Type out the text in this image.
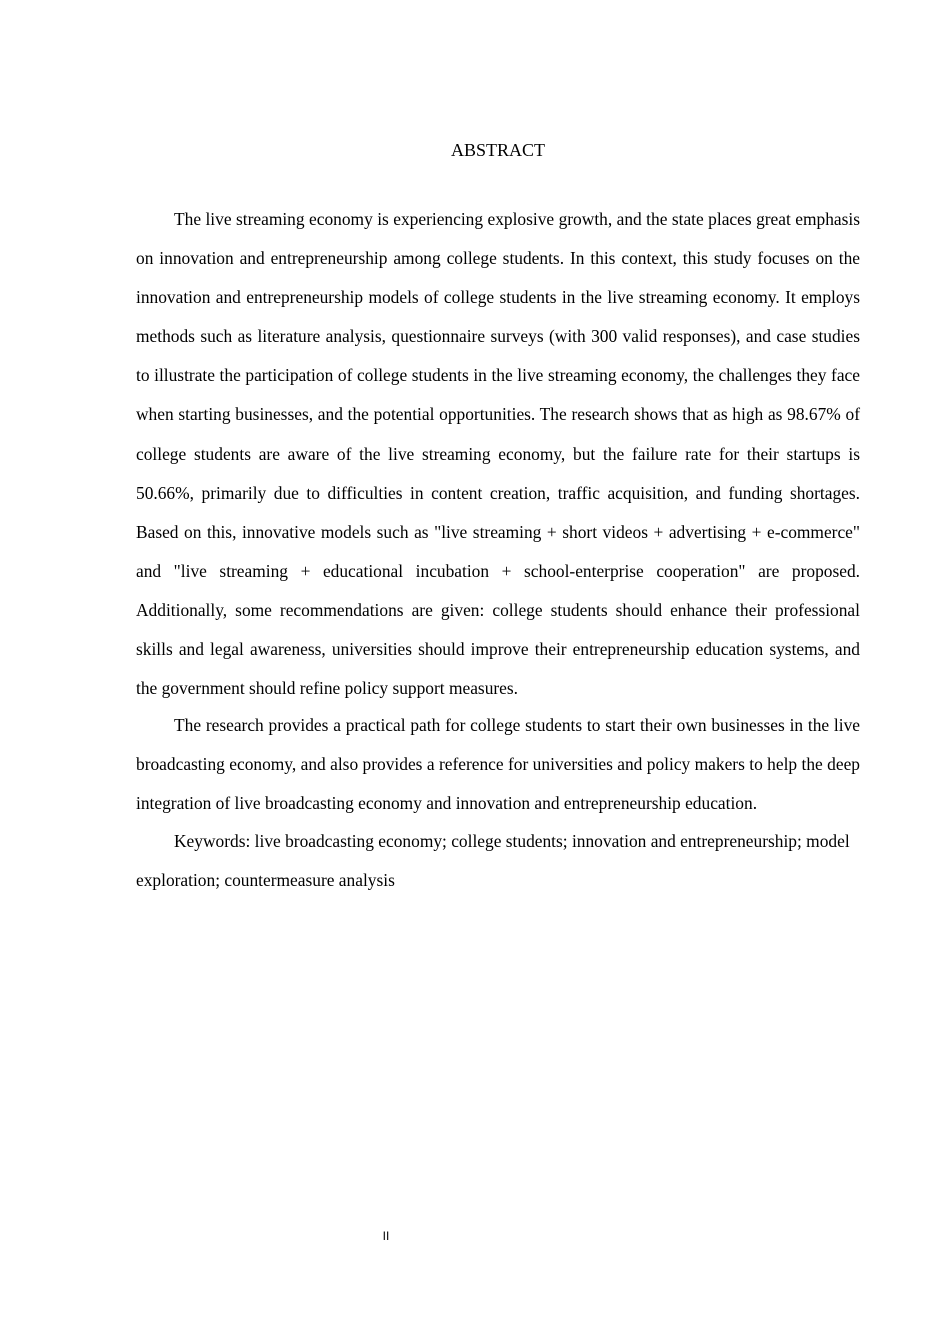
ABSTRACT

The live streaming economy is experiencing explosive growth, and the state places great emphasis on innovation and entrepreneurship among college students. In this context, this study focuses on the innovation and entrepreneurship models of college students in the live streaming economy. It employs methods such as literature analysis, questionnaire surveys (with 300 valid responses), and case studies to illustrate the participation of college students in the live streaming economy, the challenges they face when starting businesses, and the potential opportunities. The research shows that as high as 98.67% of college students are aware of the live streaming economy, but the failure rate for their startups is 50.66%, primarily due to difficulties in content creation, traffic acquisition, and funding shortages. Based on this, innovative models such as "live streaming + short videos + advertising + e-commerce" and "live streaming + educational incubation + school-enterprise cooperation" are proposed. Additionally, some recommendations are given: college students should enhance their professional skills and legal awareness, universities should improve their entrepreneurship education systems, and the government should refine policy support measures.

The research provides a practical path for college students to start their own businesses in the live broadcasting economy, and also provides a reference for universities and policy makers to help the deep integration of live broadcasting economy and innovation and entrepreneurship education.

Keywords: live broadcasting economy; college students; innovation and entrepreneurship; model exploration; countermeasure analysis

II
